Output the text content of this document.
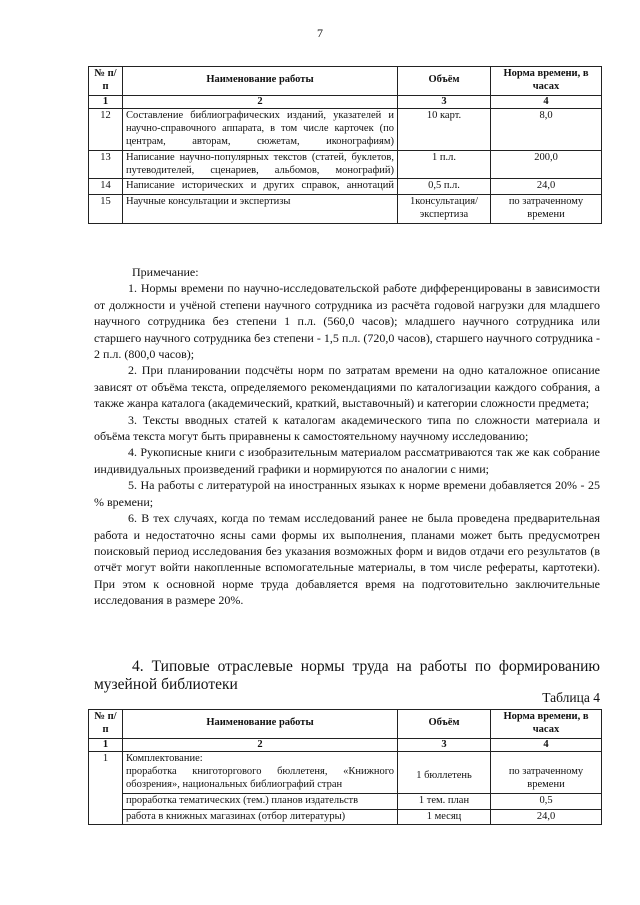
7
№ п/п	Наименование работы	Объём	Норма времени, в часах
1	2	3	4
12	Составление библиографических изданий, указателей и научно-справочного аппарата, в том числе карточек (по центрам, авторам, сюжетам, иконографиям)	10 карт.	8,0
13	Написание научно-популярных текстов (статей, буклетов, путеводителей, сценариев, альбомов, монографий)	1 п.л.	200,0
14	Написание исторических и других справок, аннотаций	0,5 п.л.	24,0
15	Научные консультации и экспертизы	1консультация/ экспертиза	по затраченному времени

Примечание:

1. Нормы времени по научно-исследовательской работе дифференцированы в зависимости от должности и учёной степени научного сотрудника из расчёта годовой нагрузки для младшего научного сотрудника без степени 1 п.л. (560,0 часов); младшего научного сотрудника или старшего научного сотрудника без степени - 1,5 п.л. (720,0 часов), старшего научного сотрудника - 2 п.л. (800,0 часов);

2. При планировании подсчёты норм по затратам времени на одно каталожное описание зависят от объёма текста, определяемого рекомендациями по каталогизации каждого собрания, а также жанра каталога (академический, краткий, выставочный) и категории сложности предмета;

3. Тексты вводных статей к каталогам академического типа по сложности материала и объёма текста могут быть приравнены к самостоятельному научному исследованию;

4. Рукописные книги с изобразительным материалом рассматриваются так же как собрание индивидуальных произведений графики и нормируются по аналогии с ними;

5. На работы с литературой на иностранных языках к норме времени добавляется 20% - 25 % времени;

6. В тех случаях, когда по темам исследований ранее не была проведена предварительная работа и недостаточно ясны сами формы их выполнения, планами может быть предусмотрен поисковый период исследования без указания возможных форм и видов отдачи его результатов (в отчёт могут войти накопленные вспомогательные материалы, в том числе рефераты, картотеки). При этом к основной норме труда добавляется время на подготовительно заключительные исследования в размере 20%.

4. Типовые отраслевые нормы труда на работы по формированию музейной библиотеки
Таблица 4
№ п/п	Наименование работы	Объём	Норма времени, в часах
1	2	3	4
1	Комплектование:
проработка книготоргового бюллетеня, «Книжного обозрения», национальных библиографий стран	1 бюллетень	по затраченному времени
	проработка тематических (тем.) планов издательств	1 тем. план	0,5
	работа в книжных магазинах (отбор литературы)	1 месяц	24,0
